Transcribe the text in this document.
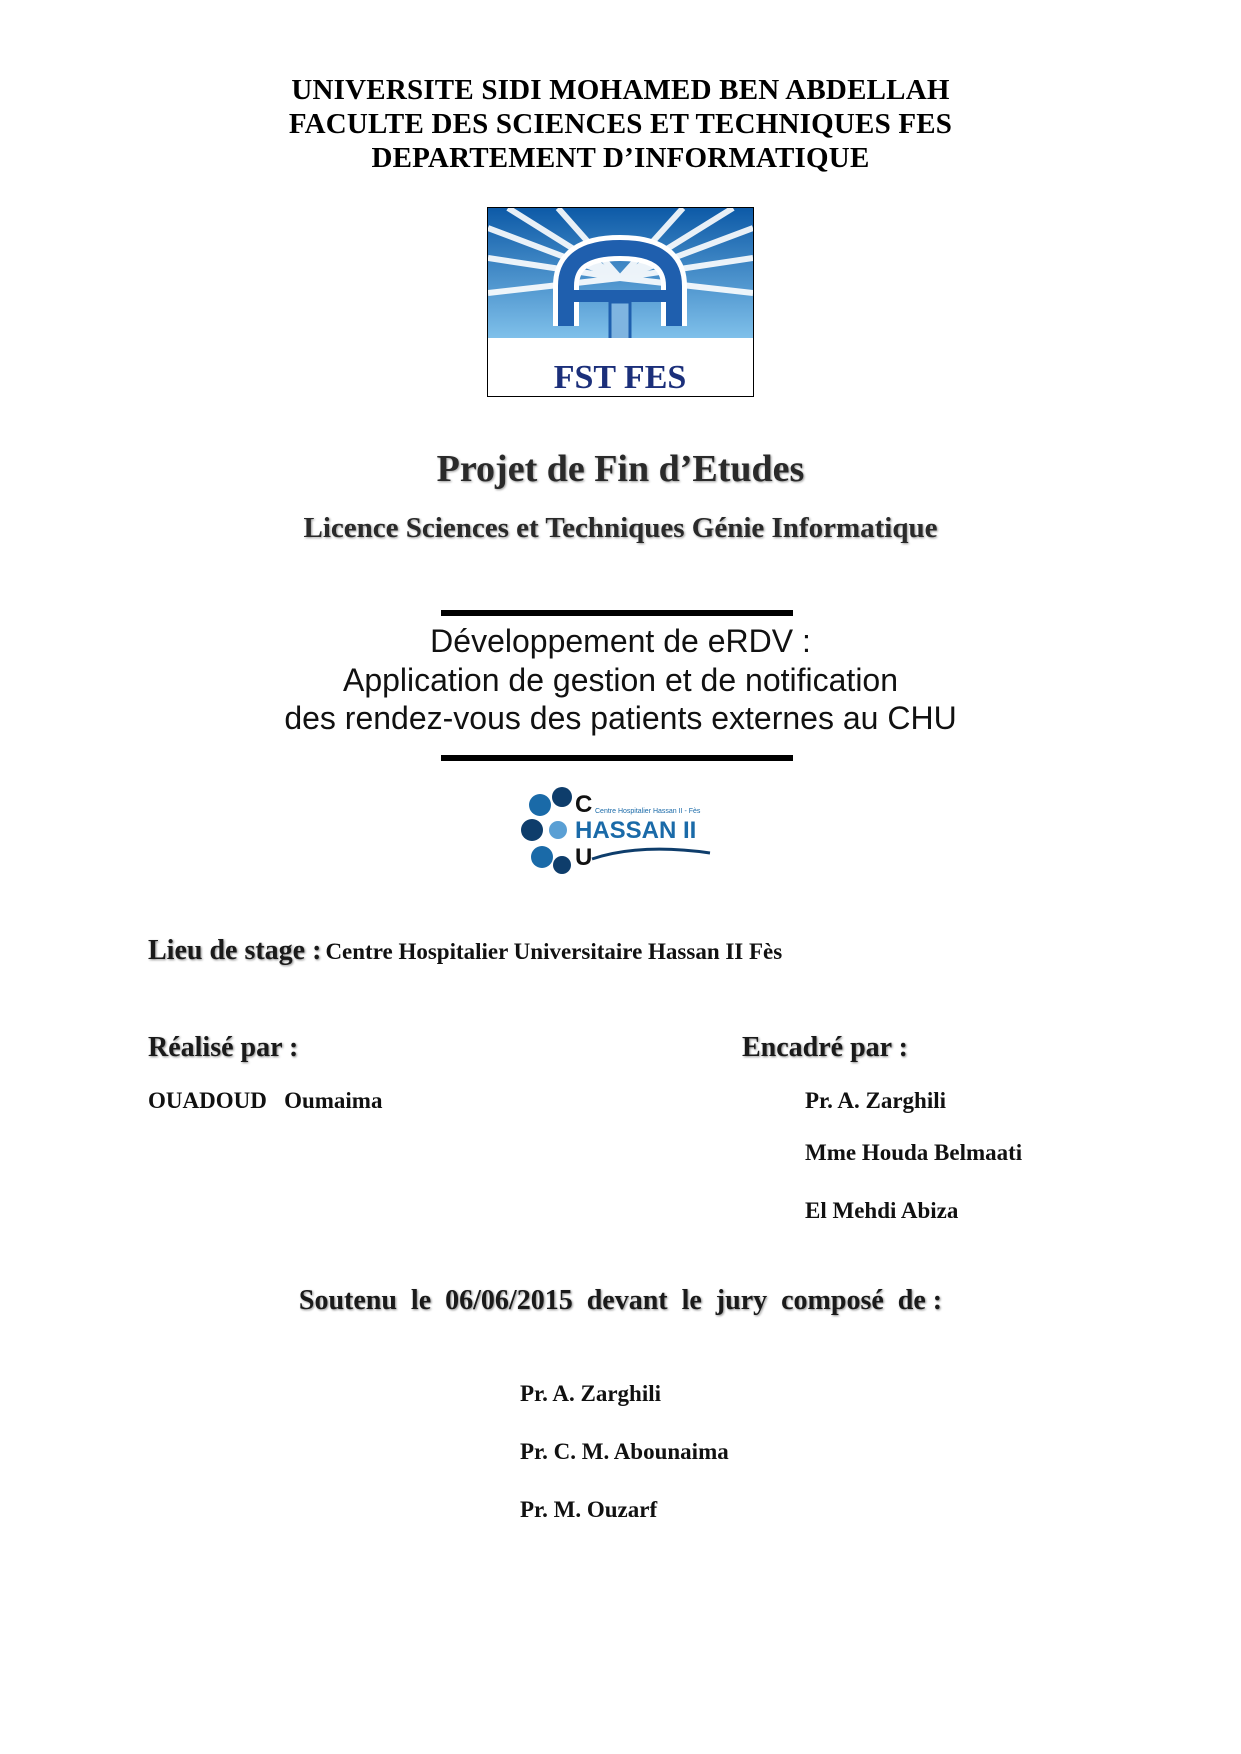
UNIVERSITE SIDI MOHAMED BEN ABDELLAH
FACULTE DES SCIENCES ET TECHNIQUES FES
DEPARTEMENT D’INFORMATIQUE
FST FES
Projet de Fin d’Etudes
Licence Sciences et Techniques Génie Informatique
Développement de eRDV :
Application de gestion et de notification
des rendez-vous des patients externes au CHU
C
HASSAN II
U
Centre Hospitalier Hassan II - Fès
Lieu de stage : Centre Hospitalier Universitaire Hassan II Fès
Réalisé par :
OUADOUD   Oumaima
Encadré par :
Pr. A. Zarghili
Mme Houda Belmaati
El Mehdi Abiza
Soutenu  le  06/06/2015  devant  le  jury  composé  de :
Pr. A. Zarghili
Pr. C. M. Abounaima
Pr. M. Ouzarf
